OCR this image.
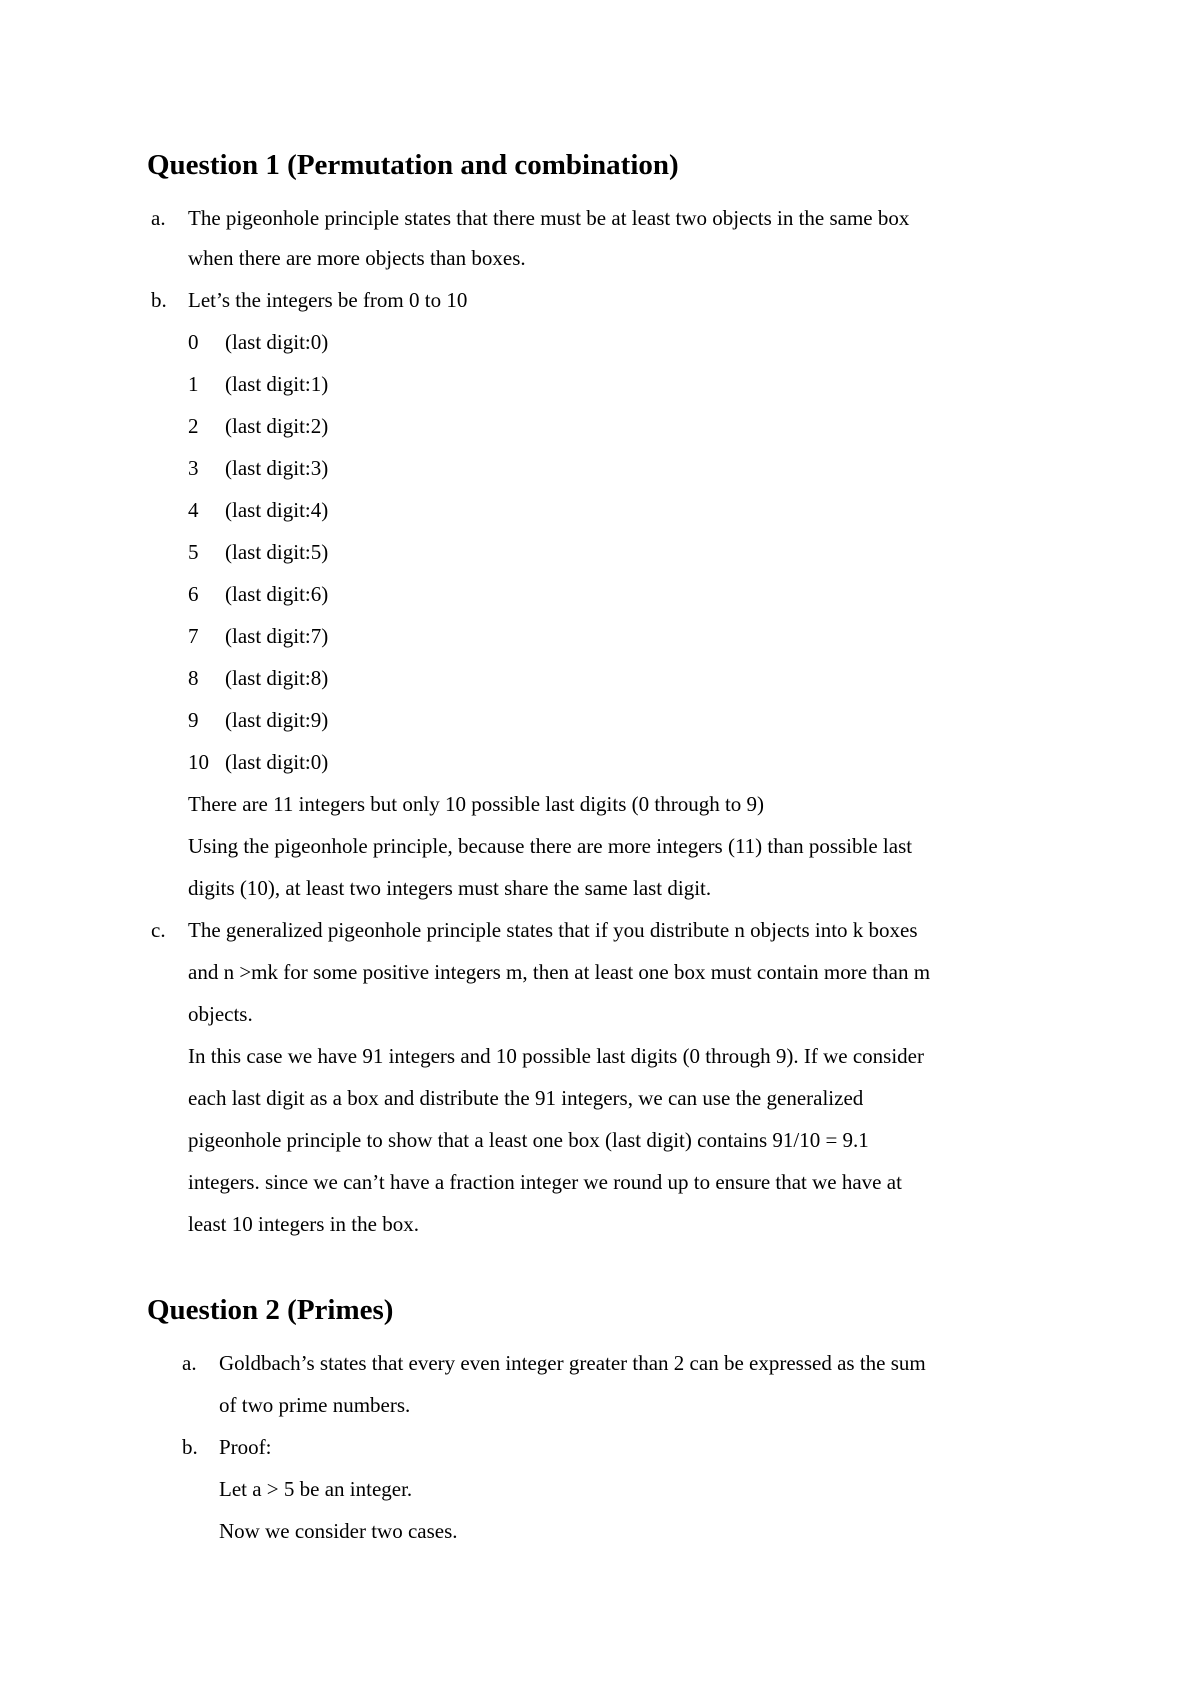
Question 1 (Permutation and combination)
a. The pigeonhole principle states that there must be at least two objects in the same box
when there are more objects than boxes.
b. Let’s the integers be from 0 to 10
0	(last digit:0)
1	(last digit:1)
2	(last digit:2)
3	(last digit:3)
4	(last digit:4)
5	(last digit:5)
6	(last digit:6)
7	(last digit:7)
8	(last digit:8)
9	(last digit:9)
10 (last digit:0)
There are 11 integers but only 10 possible last digits (0 through to 9)
Using the pigeonhole principle, because there are more integers (11) than possible last
digits (10), at least two integers must share the same last digit.
c. The generalized pigeonhole principle states that if you distribute n objects into k boxes
and n >mk for some positive integers m, then at least one box must contain more than m
objects.
In this case we have 91 integers and 10 possible last digits (0 through 9). If we consider
each last digit as a box and distribute the 91 integers, we can use the generalized
pigeonhole principle to show that a least one box (last digit) contains 91/10 = 9.1
integers. since we can’t have a fraction integer we round up to ensure that we have at
least 10 integers in the box.
Question 2 (Primes)
a. Goldbach’s states that every even integer greater than 2 can be expressed as the sum
of two prime numbers.
b. Proof:
Let a > 5 be an integer.
Now we consider two cases.
